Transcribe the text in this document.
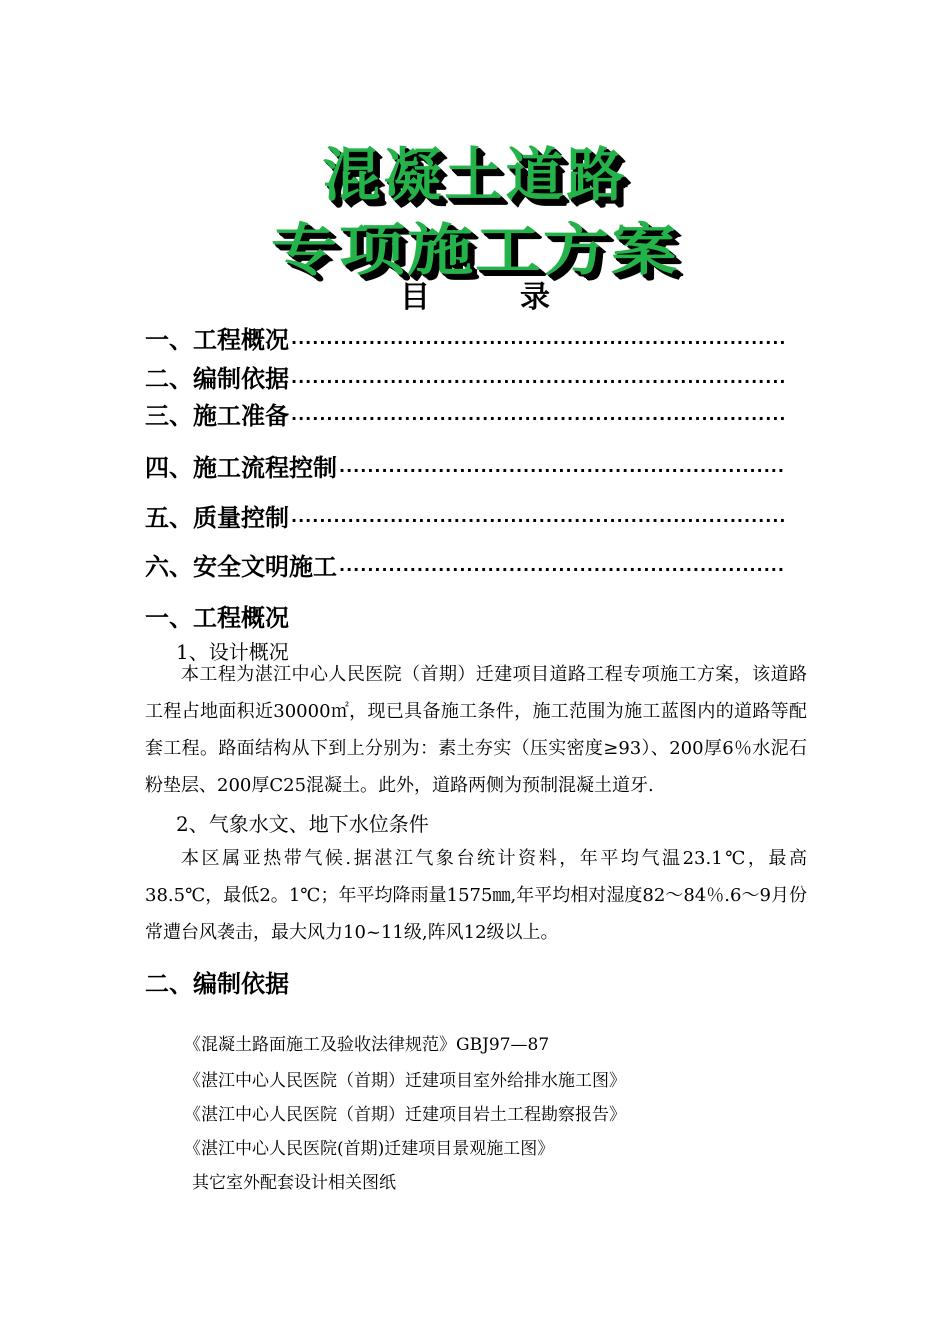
混凝土道路
专项施工方案
目	录
一、工程概况
·····
二、编制依据
·····
三、施工准备
·····
四、施工流程控制
·····
五、质量控制
·····
六、安全文明施工
·····
一、工程概况
1、设计概况
本工程为湛江中心人民医院（首期）迁建项目道路工程专项施工方案，该道路工程占地面积近30000㎡，现已具备施工条件，施工范围为施工蓝图内的道路等配套工程。路面结构从下到上分别为：素土夯实（压实密度≥93）、200厚6％水泥石粉垫层、200厚C25混凝土。此外，道路两侧为预制混凝土道牙.
2、气象水文、地下水位条件
本区属亚热带气候.据湛江气象台统计资料，年平均气温23.1℃，最高38.5℃，最低2。1℃；年平均降雨量1575㎜,年平均相对湿度82～84％.6～9月份常遭台风袭击，最大风力10~11级,阵风12级以上。
二、编制依据
《混凝土路面施工及验收法律规范》GBJ97—87
《湛江中心人民医院（首期）迁建项目室外给排水施工图》
《湛江中心人民医院（首期）迁建项目岩土工程勘察报告》
《湛江中心人民医院(首期)迁建项目景观施工图》
其它室外配套设计相关图纸
